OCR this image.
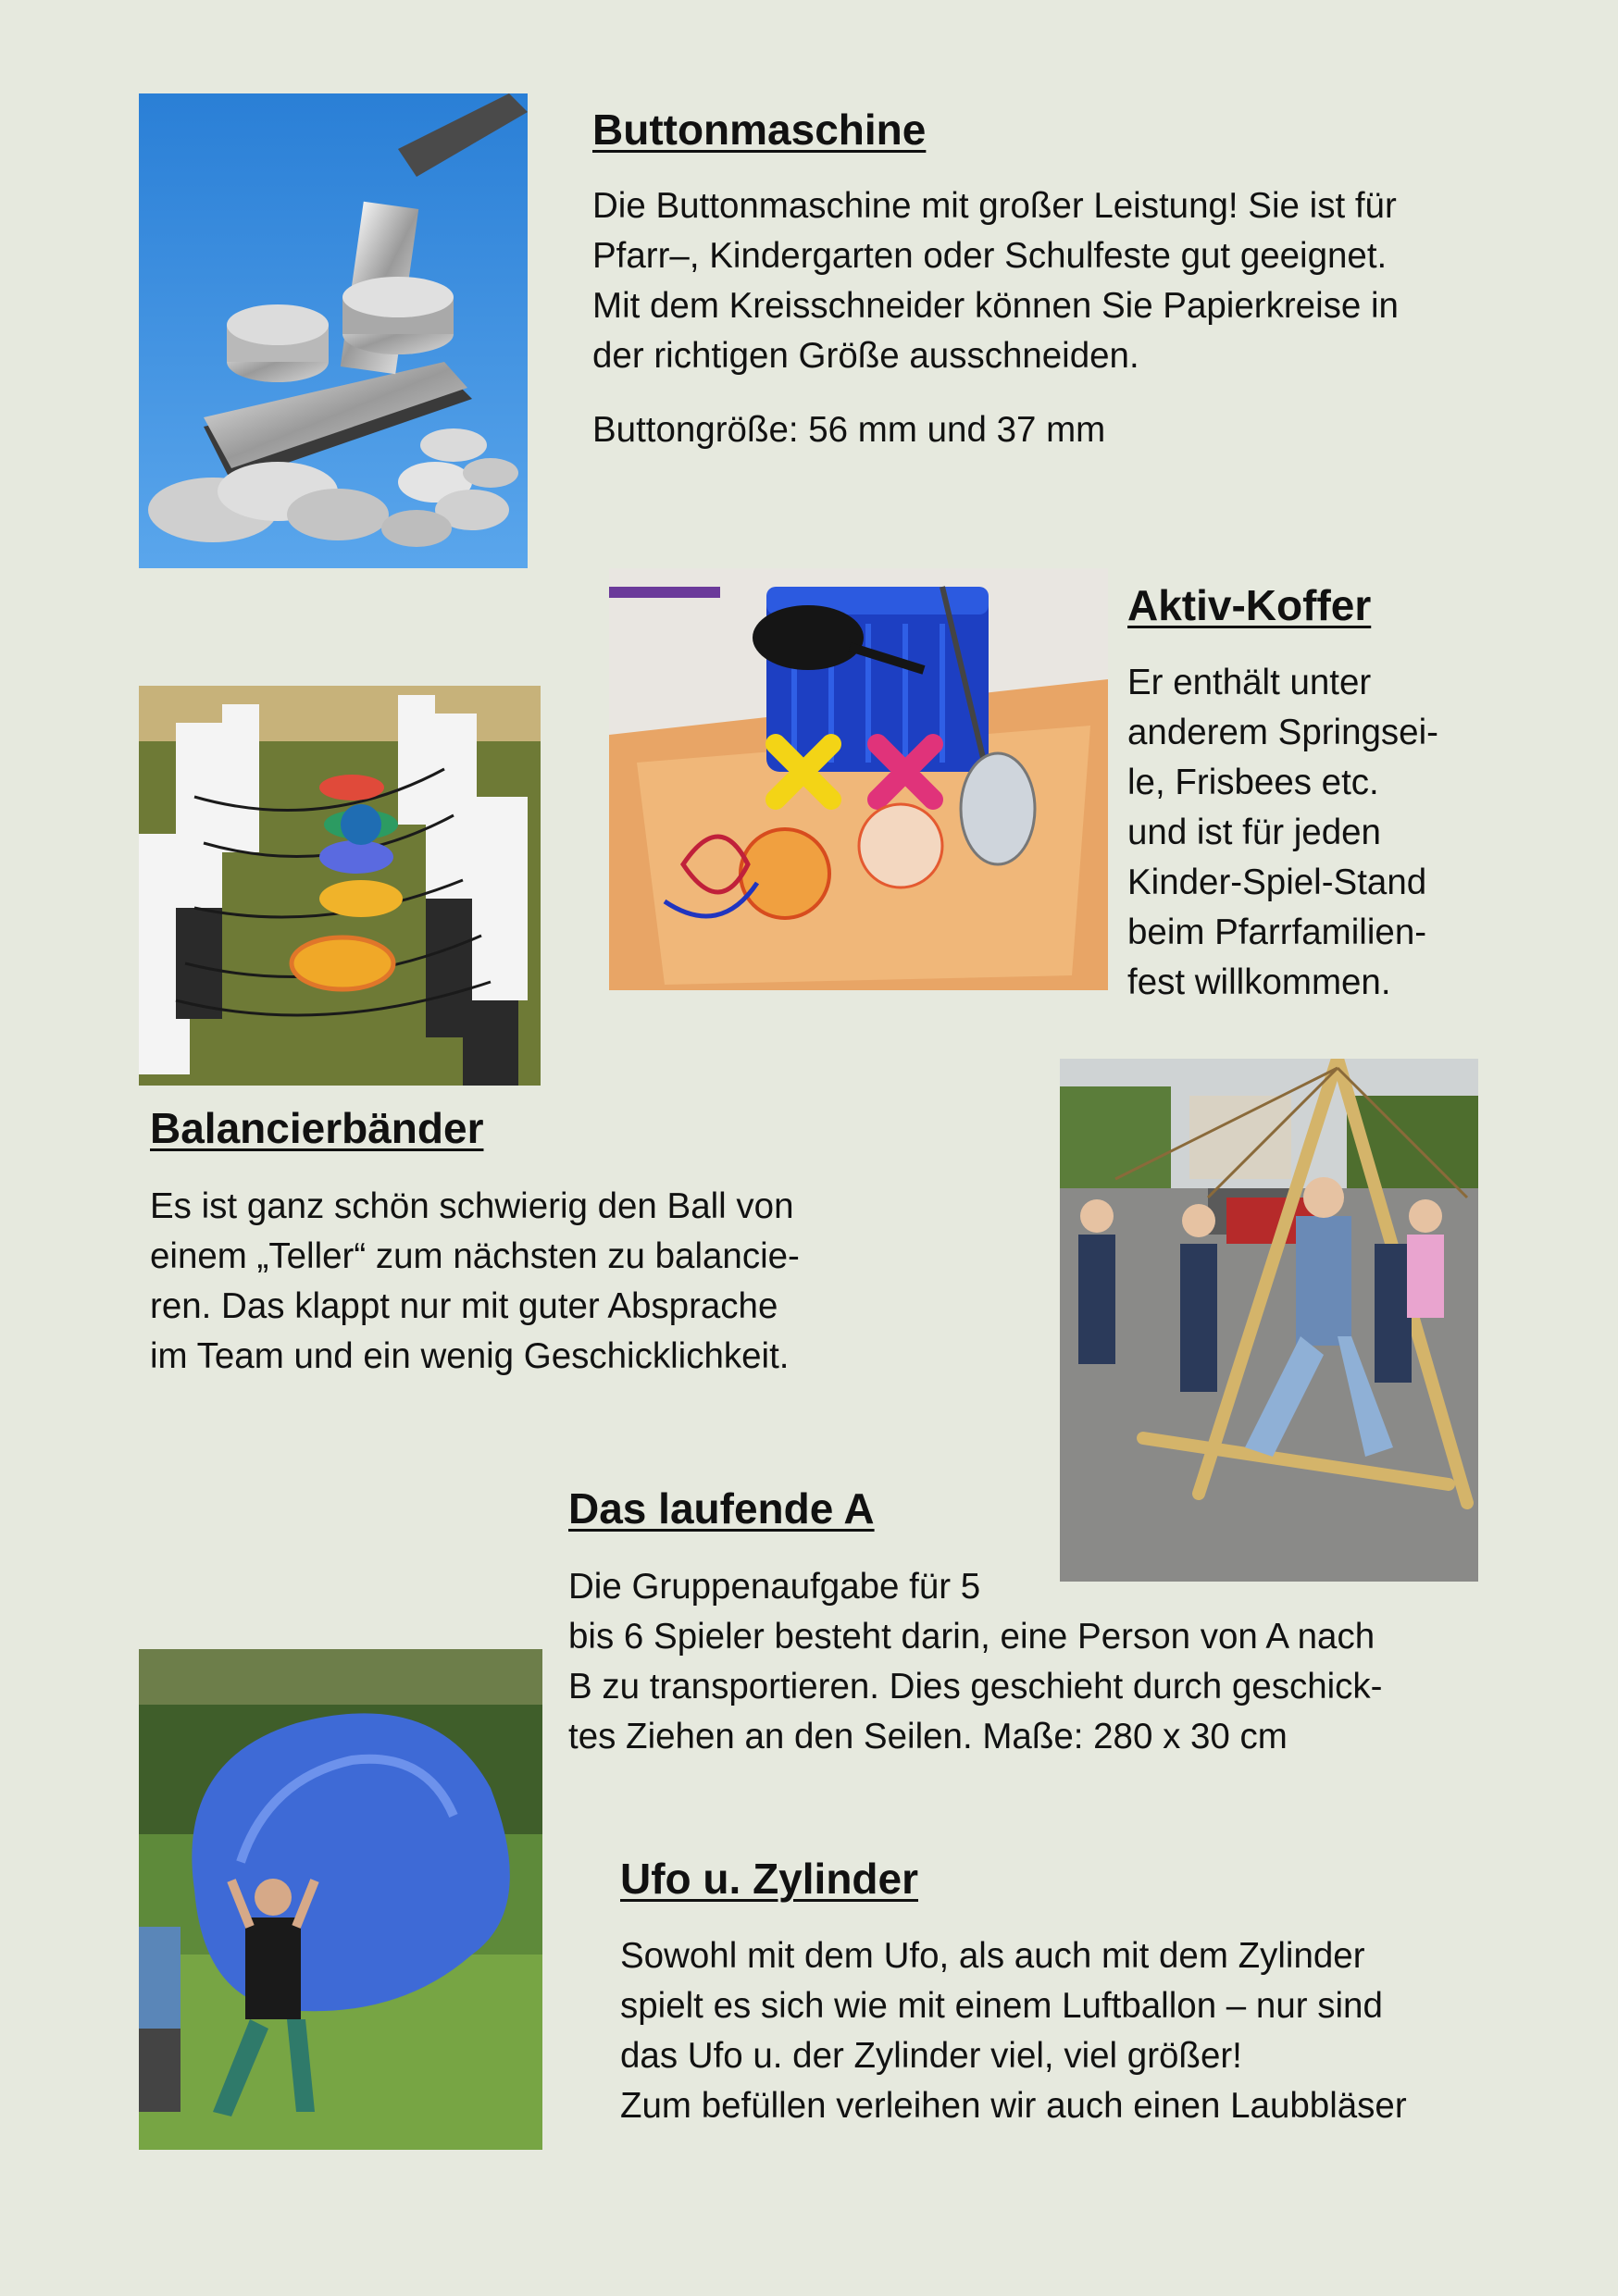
Buttonmaschine

Die Buttonmaschine mit großer Leistung! Sie ist für

Pfarr–, Kindergarten oder Schulfeste gut geeignet.

Mit dem Kreisschneider können Sie Papierkreise in

der richtigen Größe ausschneiden.

Buttongröße: 56 mm und 37 mm

Aktiv-Koffer

Er enthält unter

anderem Springsei-

le, Frisbees etc.

und ist für jeden

Kinder-Spiel-Stand

beim Pfarrfamilien-

fest willkommen.

Balancierbänder

Es ist ganz schön schwierig den Ball von

einem „Teller“ zum nächsten zu balancie-

ren. Das klappt nur mit guter Absprache

im Team und ein wenig Geschicklichkeit.

Das laufende A

Die Gruppenaufgabe für 5

bis 6 Spieler besteht darin, eine Person von A nach

B zu transportieren. Dies geschieht durch geschick-

tes Ziehen an den Seilen. Maße: 280 x 30 cm

Ufo u. Zylinder

Sowohl mit dem Ufo, als auch mit dem Zylinder

spielt es sich wie mit einem Luftballon – nur sind

das Ufo u. der Zylinder viel, viel größer!

Zum befüllen verleihen wir auch einen Laubbläser
